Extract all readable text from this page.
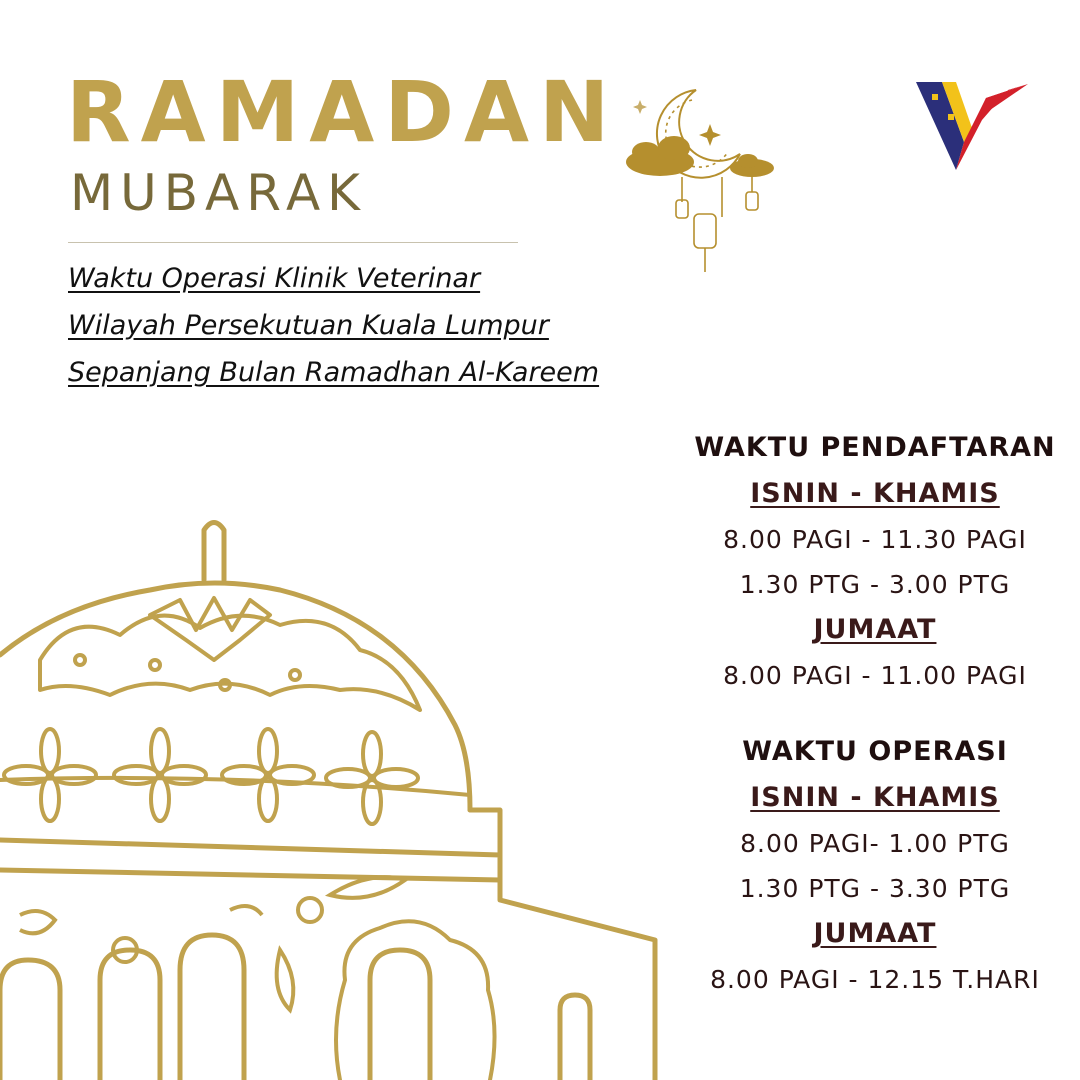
RAMADAN
MUBARAK
Waktu Operasi Klinik Veterinar
Wilayah Persekutuan Kuala Lumpur
Sepanjang Bulan Ramadhan Al-Kareem
WAKTU PENDAFTARAN
ISNIN - KHAMIS
8.00 PAGI - 11.30 PAGI
1.30 PTG - 3.00 PTG
JUMAAT
8.00 PAGI - 11.00 PAGI
WAKTU OPERASI
ISNIN - KHAMIS
8.00 PAGI- 1.00 PTG
1.30 PTG - 3.30 PTG
JUMAAT
8.00 PAGI - 12.15 T.HARI
